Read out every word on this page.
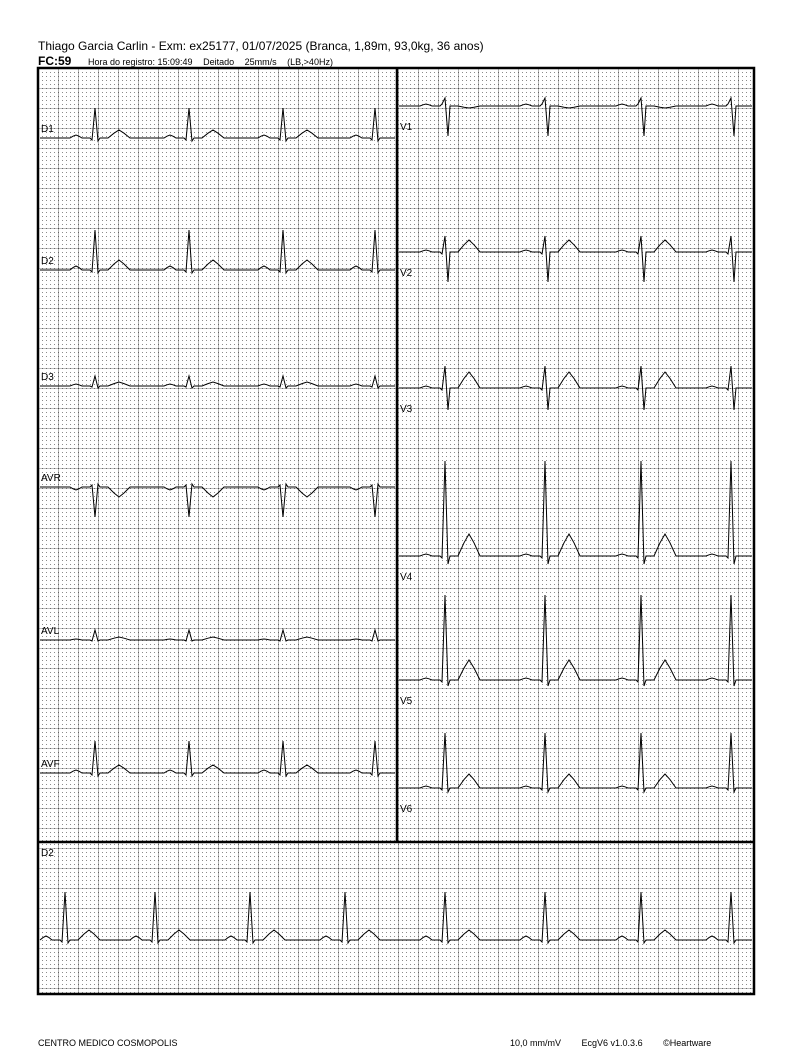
Thiago Garcia Carlin - Exm: ex25177, 01/07/2025 (Branca, 1,89m, 93,0kg, 36 anos)
FC:59 Hora do registro: 15:09:49 Deitado 25mm/s (LB,>40Hz)
D1
D2
D3
AVR
AVL
AVF
V1
V2
V3
V4
V5
V6
D2
CENTRO MEDICO COSMOPOLIS	10,0 mm/mV EcgV6 v1.0.3.6 ©Heartware
